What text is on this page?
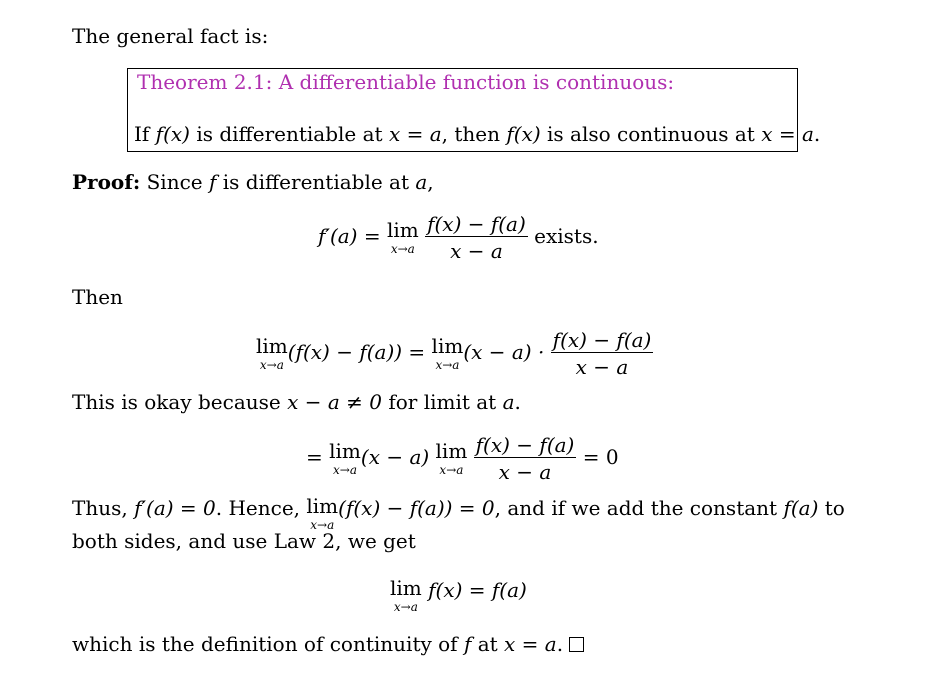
The general fact is:
Theorem 2.1: A differentiable function is continuous:
If f(x) is differentiable at x = a, then f(x) is also continuous at x = a.
Proof: Since f is differentiable at a,
f′(a) = lim
x→a
$\frac{f(x) - f(a)}{x - a}$ exists.
Then
lim
x→a
(f(x) − f(a)) = lim
x→a
$(x - a) \cdot \frac{f(x) - f(a)}{x - a}$
This is okay because x − a ≠ 0 for limit at a.
= lim
x→a
(x − a) lim
x→a
$\frac{f(x) - f(a)}{x - a} = 0$
Thus, f′(a) = 0. Hence, lim
x→a
(f(x) − f(a)) = 0, and if we add the constant f(a) to
both sides, and use Law 2, we get
lim
x→a
f(x) = f(a)
which is the definition of continuity of f at x = a.
